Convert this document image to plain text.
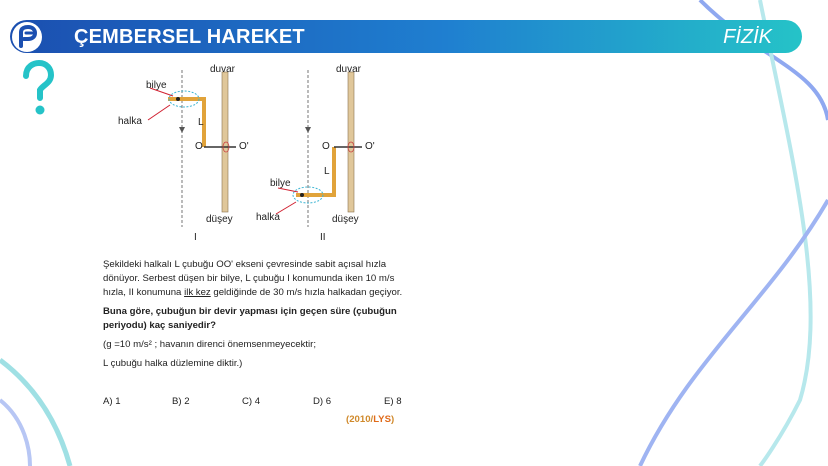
ÇEMBERSEL HAREKET	FİZİK
duvar
bilye
halka	L
O	O'
düşey
I
duvar
bilye
halka
L
O	O'
düşey
II

Şekildeki halkalı L çubuğu OO' ekseni çevresinde sabit açısal hızla dönüyor. Serbest düşen bir bilye, L çubuğu I konumunda iken 10 m/s hızla, II konumuna ilk kez geldiğinde de 30 m/s hızla halkadan geçiyor.

Buna göre, çubuğun bir devir yapması için geçen süre (çubuğun periyodu) kaç saniyedir?

(g =10 m/s² ; havanın direnci önemsenmeyecektir;

L çubuğu halka düzlemine diktir.)

A) 1	B) 2	C) 4	D) 6	E) 8
(2010/LYS)
